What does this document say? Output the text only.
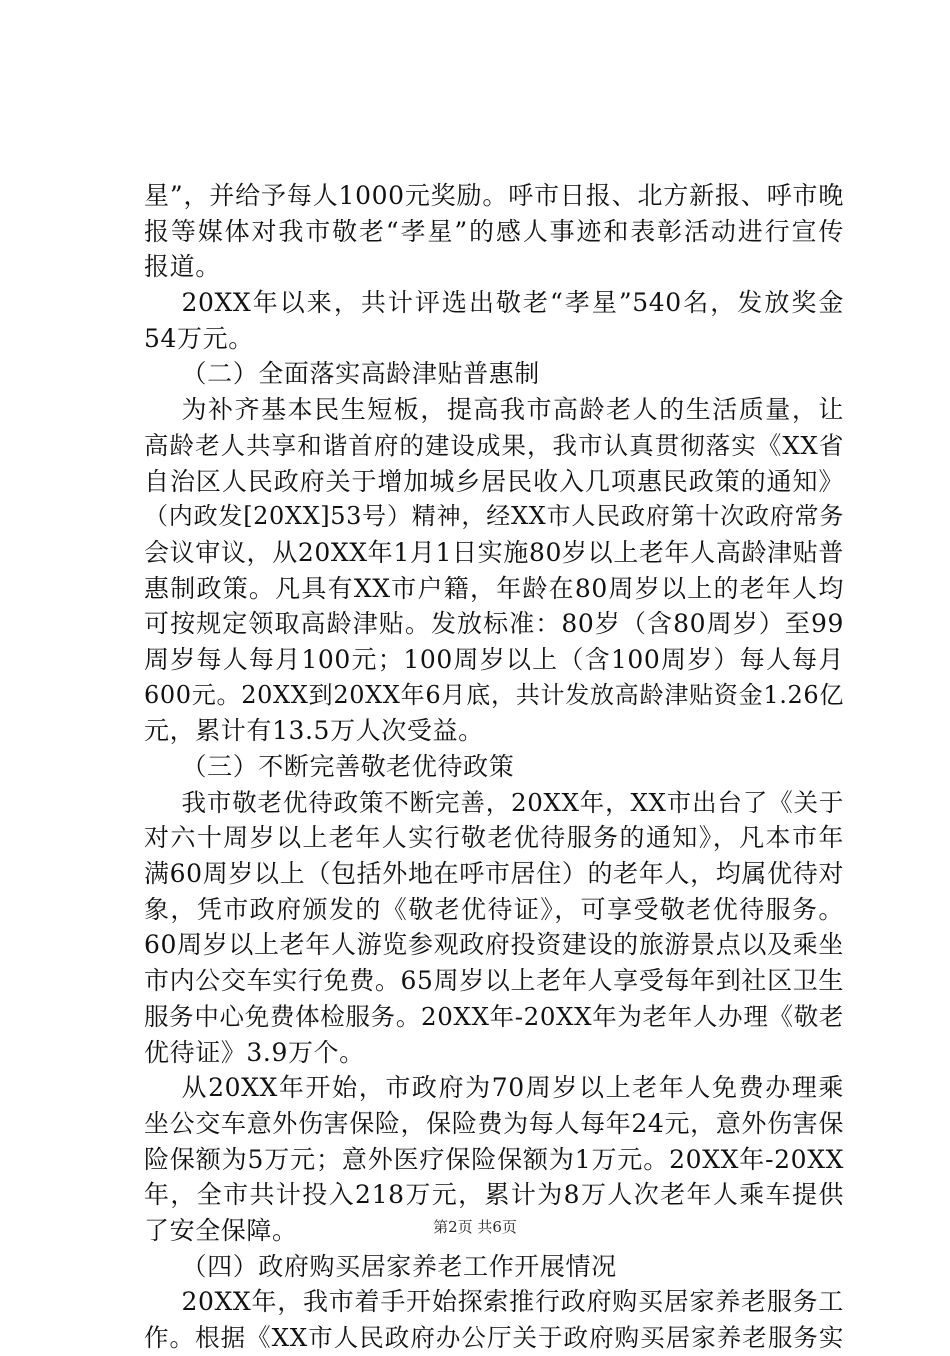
星”，并给予每人1000元奖励。呼市日报、北方新报、呼市晚
报等媒体对我市敬老“孝星”的感人事迹和表彰活动进行宣传
报道。
20XX年以来，共计评选出敬老“孝星”540名，发放奖金
54万元。
（二）全面落实高龄津贴普惠制
为补齐基本民生短板，提高我市高龄老人的生活质量，让
高龄老人共享和谐首府的建设成果，我市认真贯彻落实《XX省
自治区人民政府关于增加城乡居民收入几项惠民政策的通知》
（内政发[20XX]53号）精神，经XX市人民政府第十次政府常务
会议审议，从20XX年1月1日实施80岁以上老年人高龄津贴普
惠制政策。凡具有XX市户籍，年龄在80周岁以上的老年人均
可按规定领取高龄津贴。发放标准：80岁（含80周岁）至99
周岁每人每月100元；100周岁以上（含100周岁）每人每月
600元。20XX到20XX年6月底，共计发放高龄津贴资金1.26亿
元，累计有13.5万人次受益。
（三）不断完善敬老优待政策
我市敬老优待政策不断完善，20XX年，XX市出台了《关于
对六十周岁以上老年人实行敬老优待服务的通知》，凡本市年
满60周岁以上（包括外地在呼市居住）的老年人，均属优待对
象，凭市政府颁发的《敬老优待证》，可享受敬老优待服务。
60周岁以上老年人游览参观政府投资建设的旅游景点以及乘坐
市内公交车实行免费。65周岁以上老年人享受每年到社区卫生
服务中心免费体检服务。20XX年-20XX年为老年人办理《敬老
优待证》3.9万个。
从20XX年开始，市政府为70周岁以上老年人免费办理乘
坐公交车意外伤害保险，保险费为每人每年24元，意外伤害保
险保额为5万元；意外医疗保险保额为1万元。20XX年-20XX
年，全市共计投入218万元，累计为8万人次老年人乘车提供
了安全保障。
（四）政府购买居家养老工作开展情况
20XX年，我市着手开始探索推行政府购买居家养老服务工
作。根据《XX市人民政府办公厅关于政府购买居家养老服务实
第2页 共6页
